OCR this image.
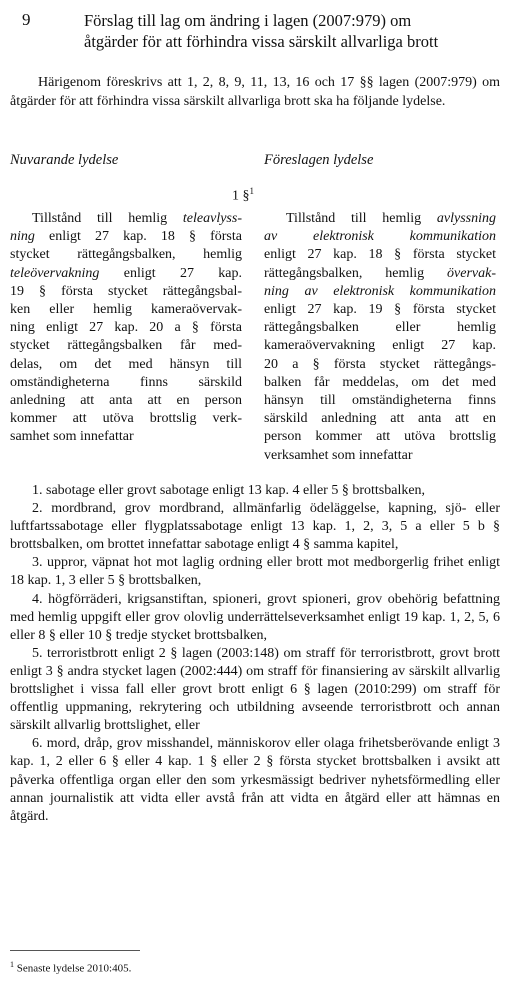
9	Förslag till lag om ändring i lagen (2007:979) om
åtgärder för att förhindra vissa särskilt allvarliga brott

Härigenom föreskrivs att 1, 2, 8, 9, 11, 13, 16 och 17 §§ lagen (2007:979) om åtgärder för att förhindra vissa särskilt allvarliga brott ska ha följande lydelse.

Nuvarande lydelse	Föreslagen lydelse
1 §$^1$
Tillstånd till hemlig teleavlyss-
ning enligt 27 kap. 18 § första
stycket rättegångsbalken, hemlig
teleövervakning enligt 27 kap.
19 § första stycket rättegångsbal-
ken eller hemlig kameraövervak-
ning enligt 27 kap. 20 a § första
stycket rättegångsbalken får med-
delas, om det med hänsyn till
omständigheterna finns särskild
anledning att anta att en person
kommer att utöva brottslig verk-
samhet som innefattar
Tillstånd till hemlig avlyssning
av elektronisk kommunikation
enligt 27 kap. 18 § första stycket
rättegångsbalken, hemlig övervak-
ning av elektronisk kommunikation
enligt 27 kap. 19 § första stycket
rättegångsbalken eller hemlig
kameraövervakning enligt 27 kap.
20 a § första stycket rättegångs-
balken får meddelas, om det med
hänsyn till omständigheterna finns
särskild anledning att anta att en
person kommer att utöva brottslig
verksamhet som innefattar

1. sabotage eller grovt sabotage enligt 13 kap. 4 eller 5 § brottsbalken,

2. mordbrand, grov mordbrand, allmänfarlig ödeläggelse, kapning, sjö- eller luftfartssabotage eller flygplatssabotage enligt 13 kap. 1, 2, 3, 5 a eller 5 b § brottsbalken, om brottet innefattar sabotage enligt 4 § samma kapitel,

3. uppror, väpnat hot mot laglig ordning eller brott mot medborgerlig frihet enligt 18 kap. 1, 3 eller 5 § brottsbalken,

4. högförräderi, krigsanstiftan, spioneri, grovt spioneri, grov obehörig befattning med hemlig uppgift eller grov olovlig underrättelseverksamhet enligt 19 kap. 1, 2, 5, 6 eller 8 § eller 10 § tredje stycket brottsbalken,

5. terroristbrott enligt 2 § lagen (2003:148) om straff för terroristbrott, grovt brott enligt 3 § andra stycket lagen (2002:444) om straff för finansiering av särskilt allvarlig brottslighet i vissa fall eller grovt brott enligt 6 § lagen (2010:299) om straff för offentlig uppmaning, rekrytering och utbildning avseende terroristbrott och annan särskilt allvarlig brottslighet, eller

6. mord, dråp, grov misshandel, människorov eller olaga frihetsberövande enligt 3 kap. 1, 2 eller 6 § eller 4 kap. 1 § eller 2 § första stycket brottsbalken i avsikt att påverka offentliga organ eller den som yrkesmässigt bedriver nyhetsförmedling eller annan journalistik att vidta eller avstå från att vidta en åtgärd eller att hämnas en åtgärd.

$^1$ Senaste lydelse 2010:405.
